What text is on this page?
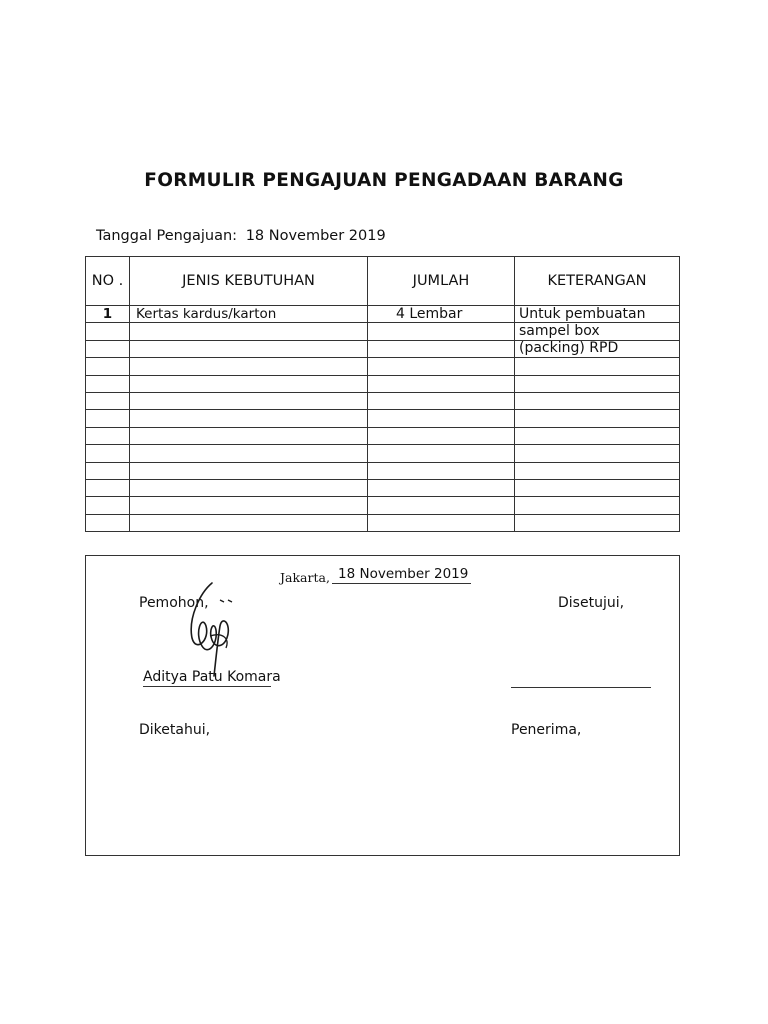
FORMULIR PENGAJUAN PENGADAAN BARANG
Tanggal Pengajuan: 18 November 2019
NO .	JENIS KEBUTUHAN	JUMLAH	KETERANGAN
1	Kertas kardus/karton	4 Lembar	Untuk pembuatan sampel box (packing) RPD

Jakarta, 18 November 2019
Pemohon,	Disetujui,
Aditya Patu Komara
Diketahui,	Penerima,
